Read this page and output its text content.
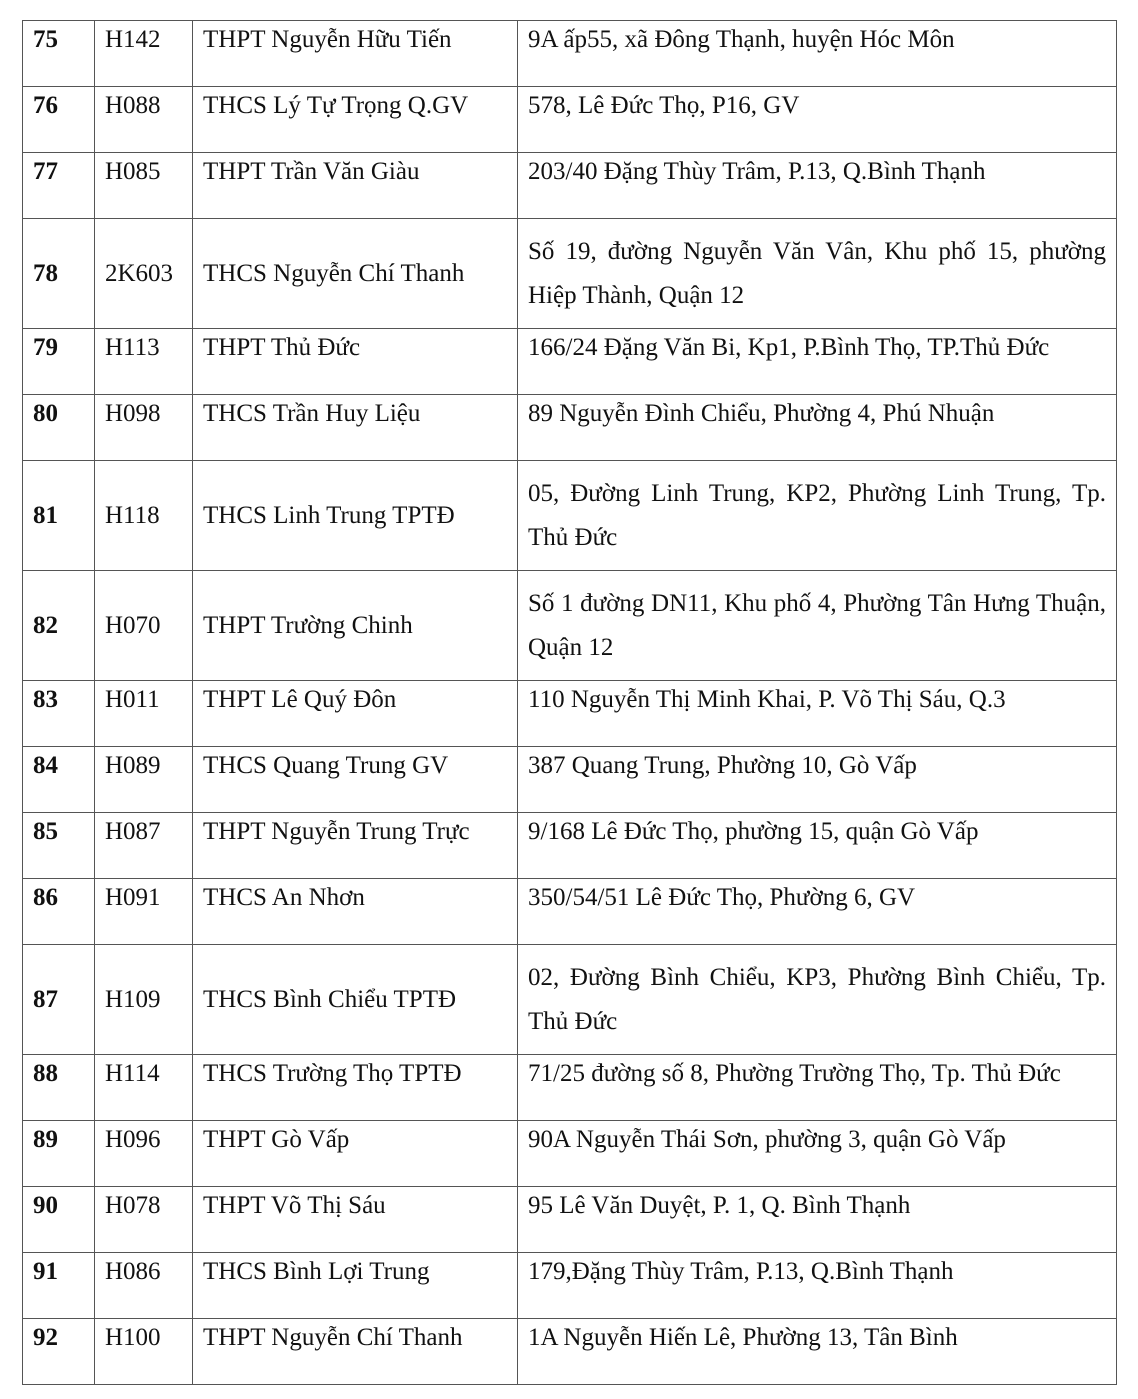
75	H142	THPT Nguyễn Hữu Tiến	9A ấp55, xã Đông Thạnh, huyện Hóc Môn

76	H088	THCS Lý Tự Trọng Q.GV	578, Lê Đức Thọ, P16, GV

77	H085	THPT Trần Văn Giàu	203/40 Đặng Thùy Trâm, P.13, Q.Bình Thạnh

78	2K603	THCS Nguyễn Chí Thanh	Số 19, đường Nguyễn Văn Vân, Khu phố 15, phường Hiệp Thành, Quận 12

79	H113	THPT Thủ Đức	166/24 Đặng Văn Bi, Kp1, P.Bình Thọ, TP.Thủ Đức

80	H098	THCS Trần Huy Liệu	89 Nguyễn Đình Chiểu, Phường 4, Phú Nhuận

81	H118	THCS Linh Trung TPTĐ	05, Đường Linh Trung, KP2, Phường Linh Trung, Tp. Thủ Đức
82	H070	THPT Trường Chinh	Số 1 đường DN11, Khu phố 4, Phường Tân Hưng Thuận, Quận 12

83	H011	THPT Lê Quý Đôn	110 Nguyễn Thị Minh Khai, P. Võ Thị Sáu, Q.3

84	H089	THCS Quang Trung GV	387 Quang Trung, Phường 10, Gò Vấp

85	H087	THPT Nguyễn Trung Trực	9/168 Lê Đức Thọ, phường 15, quận Gò Vấp

86	H091	THCS An Nhơn	350/54/51 Lê Đức Thọ, Phường 6, GV

87	H109	THCS Bình Chiểu TPTĐ	02, Đường Bình Chiểu, KP3, Phường Bình Chiểu, Tp. Thủ Đức

88	H114	THCS Trường Thọ TPTĐ	71/25 đường số 8, Phường Trường Thọ, Tp. Thủ Đức

89	H096	THPT Gò Vấp	90A Nguyễn Thái Sơn, phường 3, quận Gò Vấp

90	H078	THPT Võ Thị Sáu	95 Lê Văn Duyệt, P. 1, Q. Bình Thạnh

91	H086	THCS Bình Lợi Trung	179,Đặng Thùy Trâm, P.13, Q.Bình Thạnh

92	H100	THPT Nguyễn Chí Thanh	1A Nguyễn Hiến Lê, Phường 13, Tân Bình
